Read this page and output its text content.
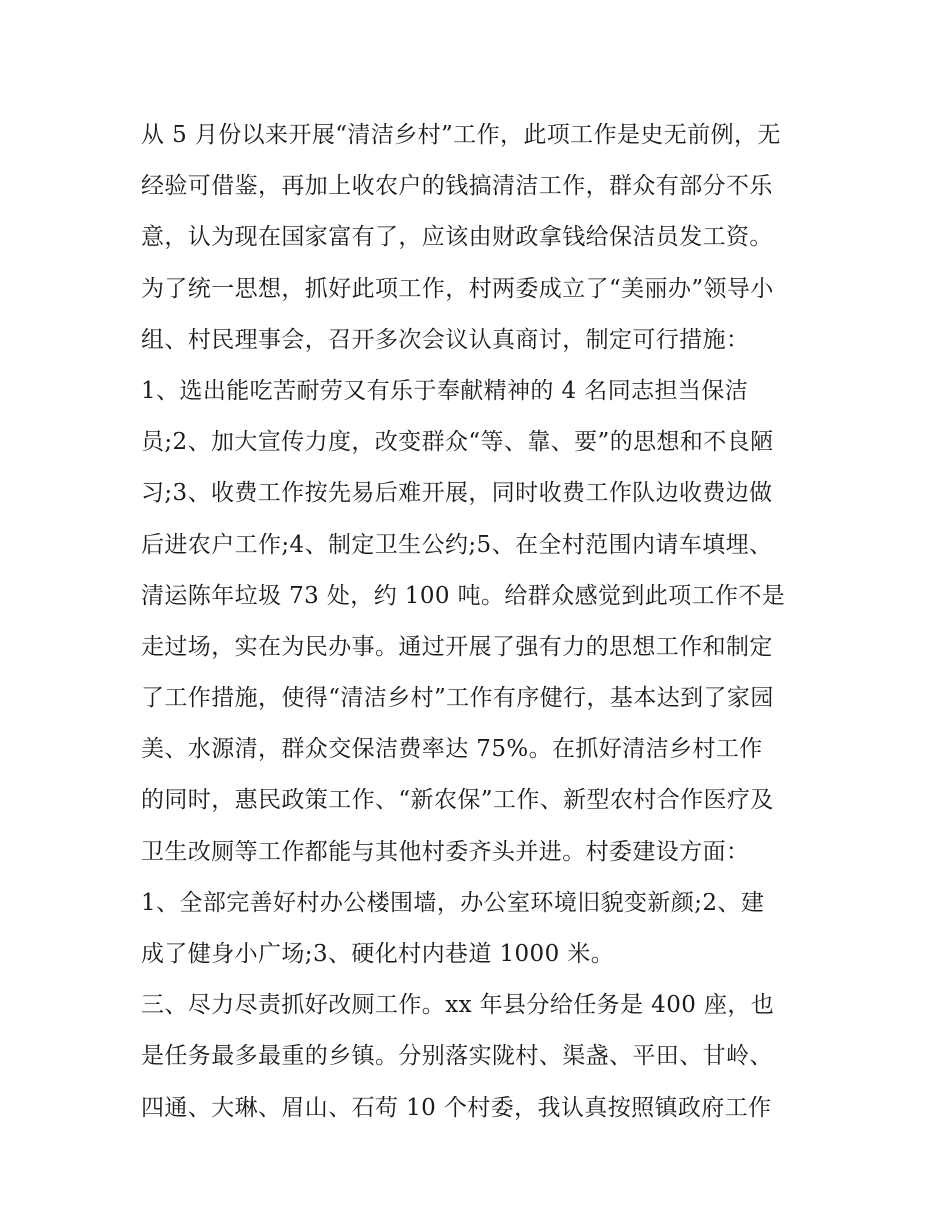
从 5 月份以来开展“清洁乡村”工作，此项工作是史无前例，无
经验可借鉴，再加上收农户的钱搞清洁工作，群众有部分不乐
意，认为现在国家富有了，应该由财政拿钱给保洁员发工资。
为了统一思想，抓好此项工作，村两委成立了“美丽办”领导小
组、村民理事会，召开多次会议认真商讨，制定可行措施：
1、选出能吃苦耐劳又有乐于奉献精神的 4 名同志担当保洁
员;2、加大宣传力度，改变群众“等、靠、要”的思想和不良陋
习;3、收费工作按先易后难开展，同时收费工作队边收费边做
后进农户工作;4、制定卫生公约;5、在全村范围内请车填埋、
清运陈年垃圾 73 处，约 100 吨。给群众感觉到此项工作不是
走过场，实在为民办事。通过开展了强有力的思想工作和制定
了工作措施，使得“清洁乡村”工作有序健行，基本达到了家园
美、水源清，群众交保洁费率达 75%。在抓好清洁乡村工作
的同时，惠民政策工作、“新农保”工作、新型农村合作医疗及
卫生改厕等工作都能与其他村委齐头并进。村委建设方面：
1、全部完善好村办公楼围墙，办公室环境旧貌变新颜;2、建
成了健身小广场;3、硬化村内巷道 1000 米。
三、尽力尽责抓好改厕工作。xx 年县分给任务是 400 座，也
是任务最多最重的乡镇。分别落实陇村、渠盏、平田、甘岭、
四通、大琳、眉山、石苟 10 个村委，我认真按照镇政府工作
